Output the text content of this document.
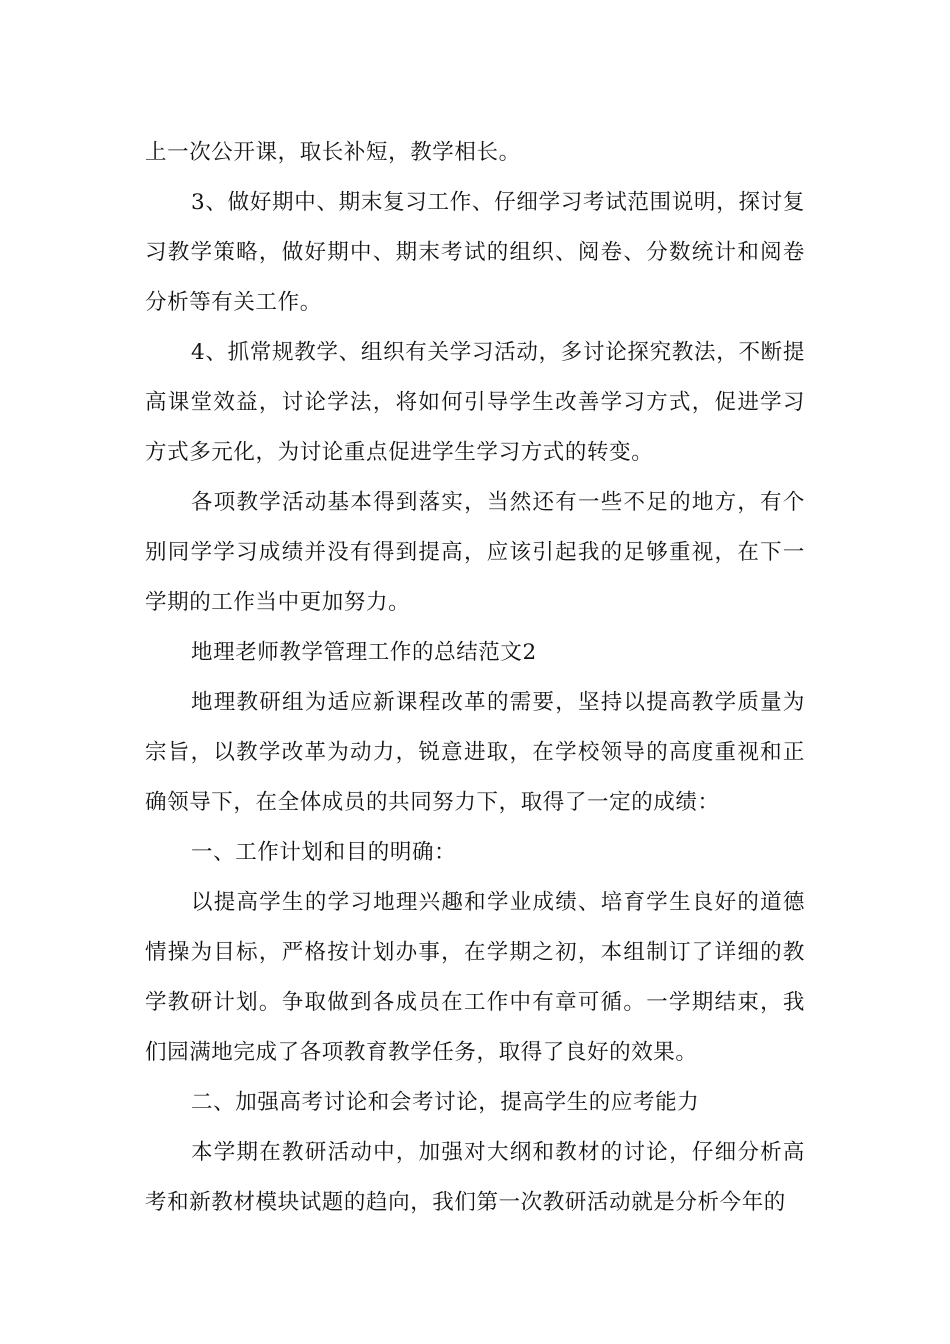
上一次公开课，取长补短，教学相长。

3、做好期中、期末复习工作、仔细学习考试范围说明，探讨复习教学策略，做好期中、期末考试的组织、阅卷、分数统计和阅卷分析等有关工作。

4、抓常规教学、组织有关学习活动，多讨论探究教法，不断提高课堂效益，讨论学法，将如何引导学生改善学习方式，促进学习方式多元化，为讨论重点促进学生学习方式的转变。

各项教学活动基本得到落实，当然还有一些不足的地方，有个别同学学习成绩并没有得到提高，应该引起我的足够重视，在下一学期的工作当中更加努力。

地理老师教学管理工作的总结范文2

地理教研组为适应新课程改革的需要，坚持以提高教学质量为宗旨，以教学改革为动力，锐意进取，在学校领导的高度重视和正确领导下，在全体成员的共同努力下，取得了一定的成绩：

一、工作计划和目的明确：

以提高学生的学习地理兴趣和学业成绩、培育学生良好的道德情操为目标，严格按计划办事，在学期之初，本组制订了详细的教学教研计划。争取做到各成员在工作中有章可循。一学期结束，我们园满地完成了各项教育教学任务，取得了良好的效果。

二、加强高考讨论和会考讨论，提高学生的应考能力

本学期在教研活动中，加强对大纲和教材的讨论，仔细分析高考和新教材模块试题的趋向，我们第一次教研活动就是分析今年的
